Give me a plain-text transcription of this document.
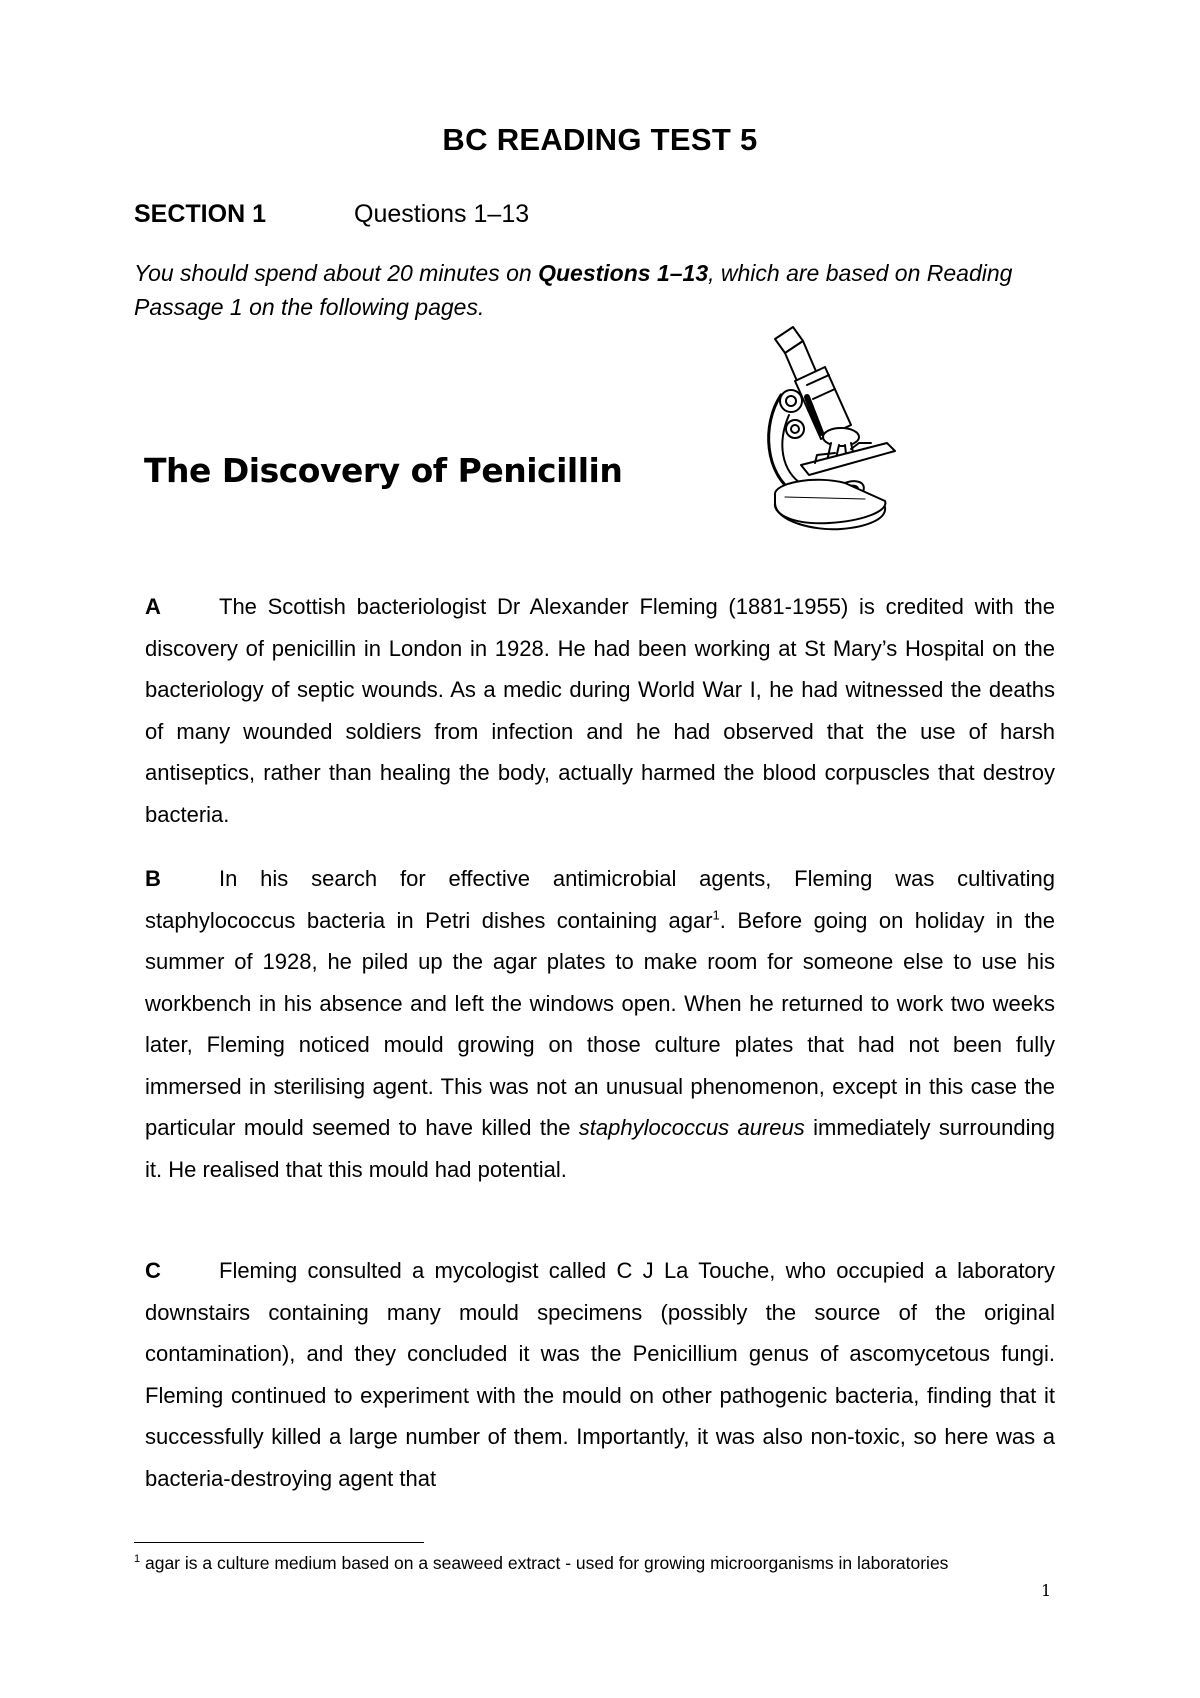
BC READING TEST 5
SECTION 1	Questions 1–13
You should spend about 20 minutes on Questions 1–13, which are based on Reading Passage 1 on the following pages.
The Discovery of Penicillin
A	The Scottish bacteriologist Dr Alexander Fleming (1881-1955) is credited with the discovery of penicillin in London in 1928. He had been working at St Mary’s Hospital on the bacteriology of septic wounds. As a medic during World War I, he had witnessed the deaths of many wounded soldiers from infection and he had observed that the use of harsh antiseptics, rather than healing the body, actually harmed the blood corpuscles that destroy bacteria.
B	In his search for effective antimicrobial agents, Fleming was cultivating staphylococcus bacteria in Petri dishes containing agar$^1$. Before going on holiday in the summer of 1928, he piled up the agar plates to make room for someone else to use his workbench in his absence and left the windows open. When he returned to work two weeks later, Fleming noticed mould growing on those culture plates that had not been fully immersed in sterilising agent. This was not an unusual phenomenon, except in this case the particular mould seemed to have killed the staphylococcus aureus immediately surrounding it. He realised that this mould had potential.
C	Fleming consulted a mycologist called C J La Touche, who occupied a laboratory downstairs containing many mould specimens (possibly the source of the original contamination), and they concluded it was the Penicillium genus of ascomycetous fungi. Fleming continued to experiment with the mould on other pathogenic bacteria, finding that it successfully killed a large number of them. Importantly, it was also non-toxic, so here was a bacteria-destroying agent that
$^1$ agar is a culture medium based on a seaweed extract - used for growing microorganisms in laboratories
1
